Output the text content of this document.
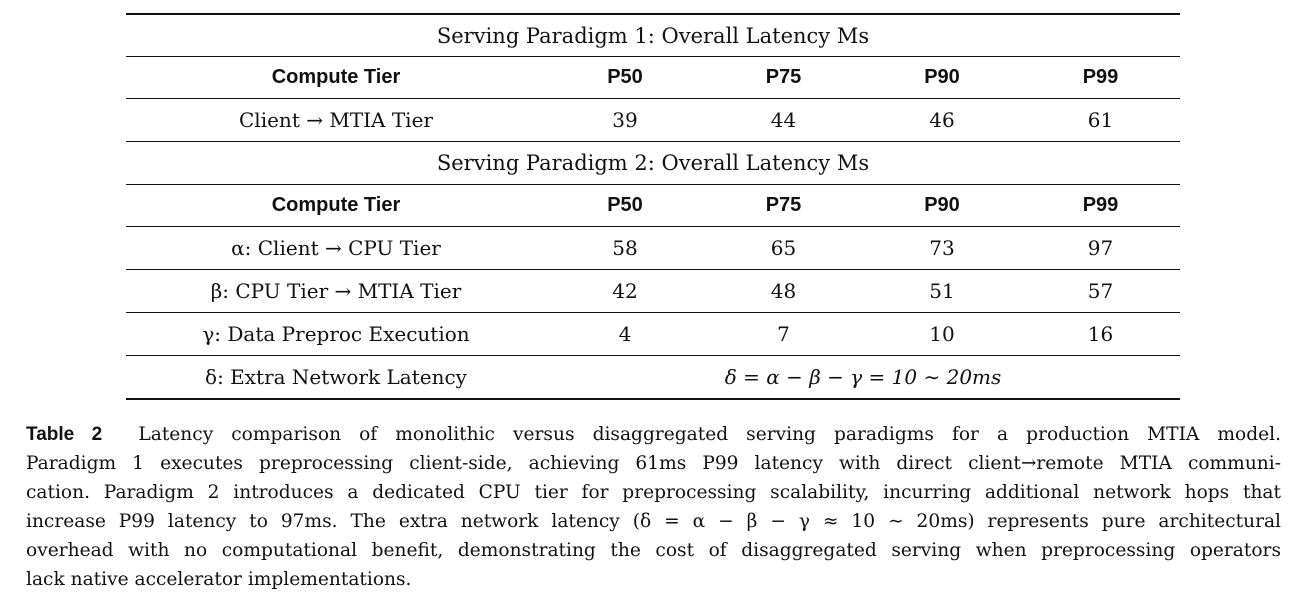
Serving Paradigm 1: Overall Latency Ms				
Compute Tier	P50	P75	P90	P99
Client → MTIA Tier	39	44	46	61
Serving Paradigm 2: Overall Latency Ms				
Compute Tier	P50	P75	P90	P99
α: Client → CPU Tier	58	65	73	97
β: CPU Tier → MTIA Tier	42	48	51	57
γ: Data Preproc Execution	4	7	10	16
δ: Extra Network Latency	δ = α − β − γ = 10 ∼ 20ms			
Table 2 Latency comparison of monolithic versus disaggregated serving paradigms for a production MTIA model.
Paradigm 1 executes preprocessing client-side, achieving 61ms P99 latency with direct client→remote MTIA communi-
cation. Paradigm 2 introduces a dedicated CPU tier for preprocessing scalability, incurring additional network hops that
increase P99 latency to 97ms. The extra network latency (δ = α − β − γ ≈ 10 ∼ 20ms) represents pure architectural
overhead with no computational benefit, demonstrating the cost of disaggregated serving when preprocessing operators
lack native accelerator implementations.
